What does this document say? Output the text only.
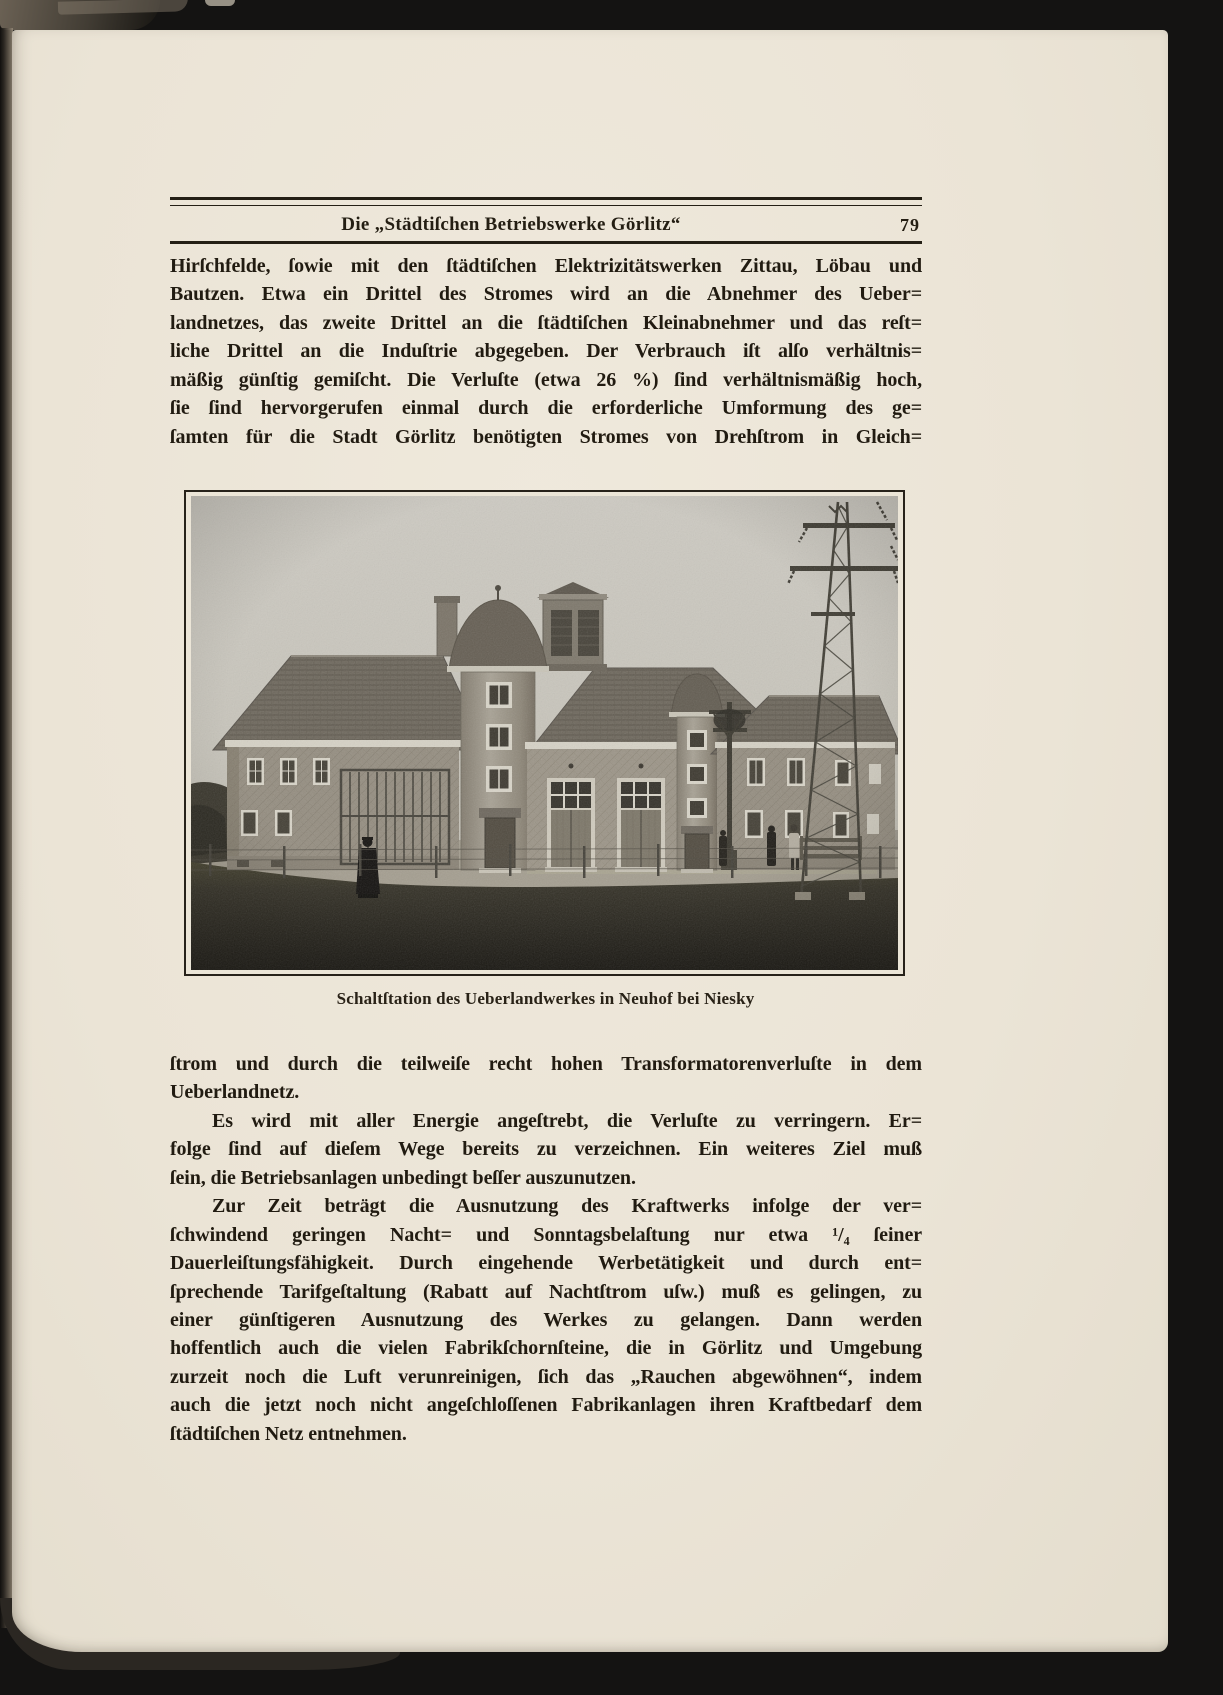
Die „Städtiſchen Betriebswerke Görlitz“	79
Hirſchfelde, ſowie mit den ſtädtiſchen Elektrizitätswerken Zittau, Löbau und
Bautzen. Etwa ein Drittel des Stromes wird an die Abnehmer des Ueber=
landnetzes, das zweite Drittel an die ſtädtiſchen Kleinabnehmer und das reſt=
liche Drittel an die Induſtrie abgegeben. Der Verbrauch iſt alſo verhältnis=
mäßig günſtig gemiſcht. Die Verluſte (etwa 26 %) ſind verhältnismäßig hoch,
ſie ſind hervorgerufen einmal durch die erforderliche Umformung des ge=
ſamten für die Stadt Görlitz benötigten Stromes von Drehſtrom in Gleich=
Schaltſtation des Ueberlandwerkes in Neuhof bei Niesky
ſtrom und durch die teilweiſe recht hohen Transformatorenverluſte in dem
Ueberlandnetz.
Es wird mit aller Energie angeſtrebt, die Verluſte zu verringern. Er=
folge ſind auf dieſem Wege bereits zu verzeichnen. Ein weiteres Ziel muß
ſein, die Betriebsanlagen unbedingt beſſer auszunutzen.
Zur Zeit beträgt die Ausnutzung des Kraftwerks infolge der ver=
ſchwindend geringen Nacht= und Sonntagsbelaſtung nur etwa ¹/₄ ſeiner
Dauerleiſtungsfähigkeit. Durch eingehende Werbetätigkeit und durch ent=
ſprechende Tarifgeſtaltung (Rabatt auf Nachtſtrom uſw.) muß es gelingen, zu
einer günſtigeren Ausnutzung des Werkes zu gelangen. Dann werden
hoffentlich auch die vielen Fabrikſchornſteine, die in Görlitz und Umgebung
zurzeit noch die Luft verunreinigen, ſich das „Rauchen abgewöhnen“, indem
auch die jetzt noch nicht angeſchloſſenen Fabrikanlagen ihren Kraftbedarf dem
ſtädtiſchen Netz entnehmen.
